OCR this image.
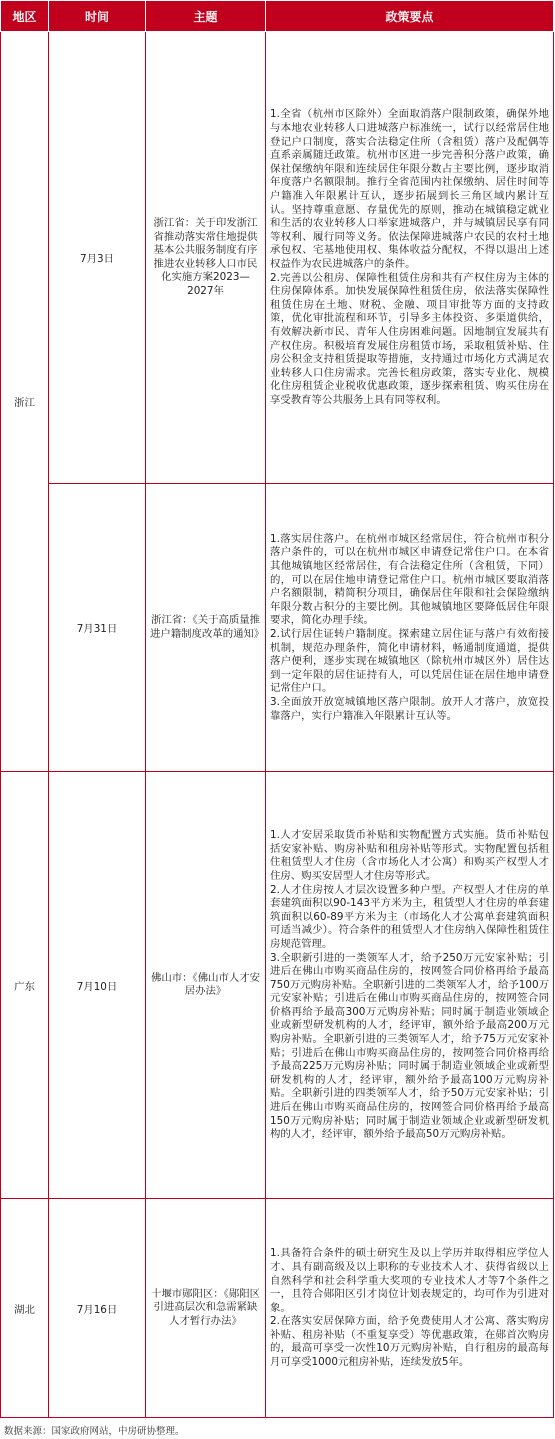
地区	时间	主题	政策要点
浙江	7月3日	浙江省：关于印发浙江省推动落实常住地提供基本公共服务制度有序推进农业转移人口市民化实施方案2023—2027年	1.全省（杭州市区除外）全面取消落户限制政策，确保外地与本地农业转移人口进城落户标准统一，试行以经常居住地登记户口制度，落实合法稳定住所（含租赁）落户及配偶等直系亲属随迁政策。杭州市区进一步完善积分落户政策，确保社保缴纳年限和连续居住年限分数占主要比例，逐步取消年度落户名额限制。推行全省范围内社保缴纳、居住时间等户籍准入年限累计互认，逐步拓展到长三角区域内累计互认。坚持尊重意愿、存量优先的原则，推动在城镇稳定就业和生活的农业转移人口举家进城落户，并与城镇居民享有同等权利、履行同等义务。依法保障进城落户农民的农村土地承包权、宅基地使用权、集体收益分配权，不得以退出上述权益作为农民进城落户的条件。
2.完善以公租房、保障性租赁住房和共有产权住房为主体的住房保障体系。加快发展保障性租赁住房，依法落实保障性租赁住房在土地、财税、金融、项目审批等方面的支持政策，优化审批流程和环节，引导多主体投资、多渠道供给，有效解决新市民、青年人住房困难问题。因地制宜发展共有产权住房。积极培育发展住房租赁市场，采取租赁补贴、住房公积金支持租赁提取等措施，支持通过市场化方式满足农业转移人口住房需求。完善长租房政策，落实专业化、规模化住房租赁企业税收优惠政策，逐步探索租赁、购买住房在享受教育等公共服务上具有同等权利。

	7月31日	浙江省：《关于高质量推进户籍制度改革的通知》	1.落实居住落户。在杭州市城区经常居住，符合杭州市积分落户条件的，可以在杭州市城区申请登记常住户口。在本省其他城镇地区经常居住，有合法稳定住所（含租赁，下同）的，可以在居住地申请登记常住户口。杭州市城区要取消落户名额限制，精简积分项目，确保居住年限和社会保险缴纳年限分数占积分的主要比例。其他城镇地区要降低居住年限要求，简化办理手续。
2.试行居住证转户籍制度。探索建立居住证与落户有效衔接机制，规范办理条件，简化申请材料，畅通制度通道，提供落户便利，逐步实现在城镇地区（除杭州市城区外）居住达到一定年限的居住证持有人，可以凭居住证在居住地申请登记常住户口。
3.全面放开放宽城镇地区落户限制。放开人才落户，放宽投靠落户，实行户籍准入年限累计互认等。

广东	7月10日	佛山市：《佛山市人才安居办法》	1.人才安居采取货币补贴和实物配置方式实施。货币补贴包括安家补贴、购房补贴和租房补贴等形式。实物配置包括租住租赁型人才住房（含市场化人才公寓）和购买产权型人才住房、购买安居型人才住房等形式。
2.人才住房按人才层次设置多种户型。产权型人才住房的单套建筑面积以90-143平方米为主，租赁型人才住房的单套建筑面积以60-89平方米为主（市场化人才公寓单套建筑面积可适当减少）。符合条件的租赁型人才住房纳入保障性租赁住房规范管理。
3.全职新引进的一类领军人才，给予250万元安家补贴；引进后在佛山市购买商品住房的，按网签合同价格再给予最高750万元购房补贴。全职新引进的二类领军人才，给予100万元安家补贴；引进后在佛山市购买商品住房的，按网签合同价格再给予最高300万元购房补贴；同时属于制造业领域企业或新型研发机构的人才，经评审，额外给予最高200万元购房补贴。全职新引进的三类领军人才，给予75万元安家补贴；引进后在佛山市购买商品住房的，按网签合同价格再给予最高225万元购房补贴；同时属于制造业领域企业或新型研发机构的人才，经评审，额外给予最高100万元购房补贴。全职新引进的四类领军人才，给予50万元安家补贴；引进后在佛山市购买商品住房的，按网签合同价格再给予最高150万元购房补贴；同时属于制造业领域企业或新型研发机构的人才，经评审，额外给予最高50万元购房补贴。

湖北	7月16日	十堰市郧阳区：《郧阳区引进高层次和急需紧缺人才暂行办法》	1.具备符合条件的硕士研究生及以上学历并取得相应学位人才、具有副高级及以上职称的专业技术人才、获得省级以上自然科学和社会科学重大奖项的专业技术人才等7个条件之一，且符合郧阳区引才岗位计划表规定的，均可作为引进对象。
2.在落实安居保障方面，给予免费使用人才公寓、落实购房补贴、租房补贴（不重复享受）等优惠政策，在郧首次购房的，最高可享受一次性10万元购房补贴，自行租房的最高每月可享受1000元租房补贴，连续发放5年。
数据来源：国家政府网站，中房研协整理。
